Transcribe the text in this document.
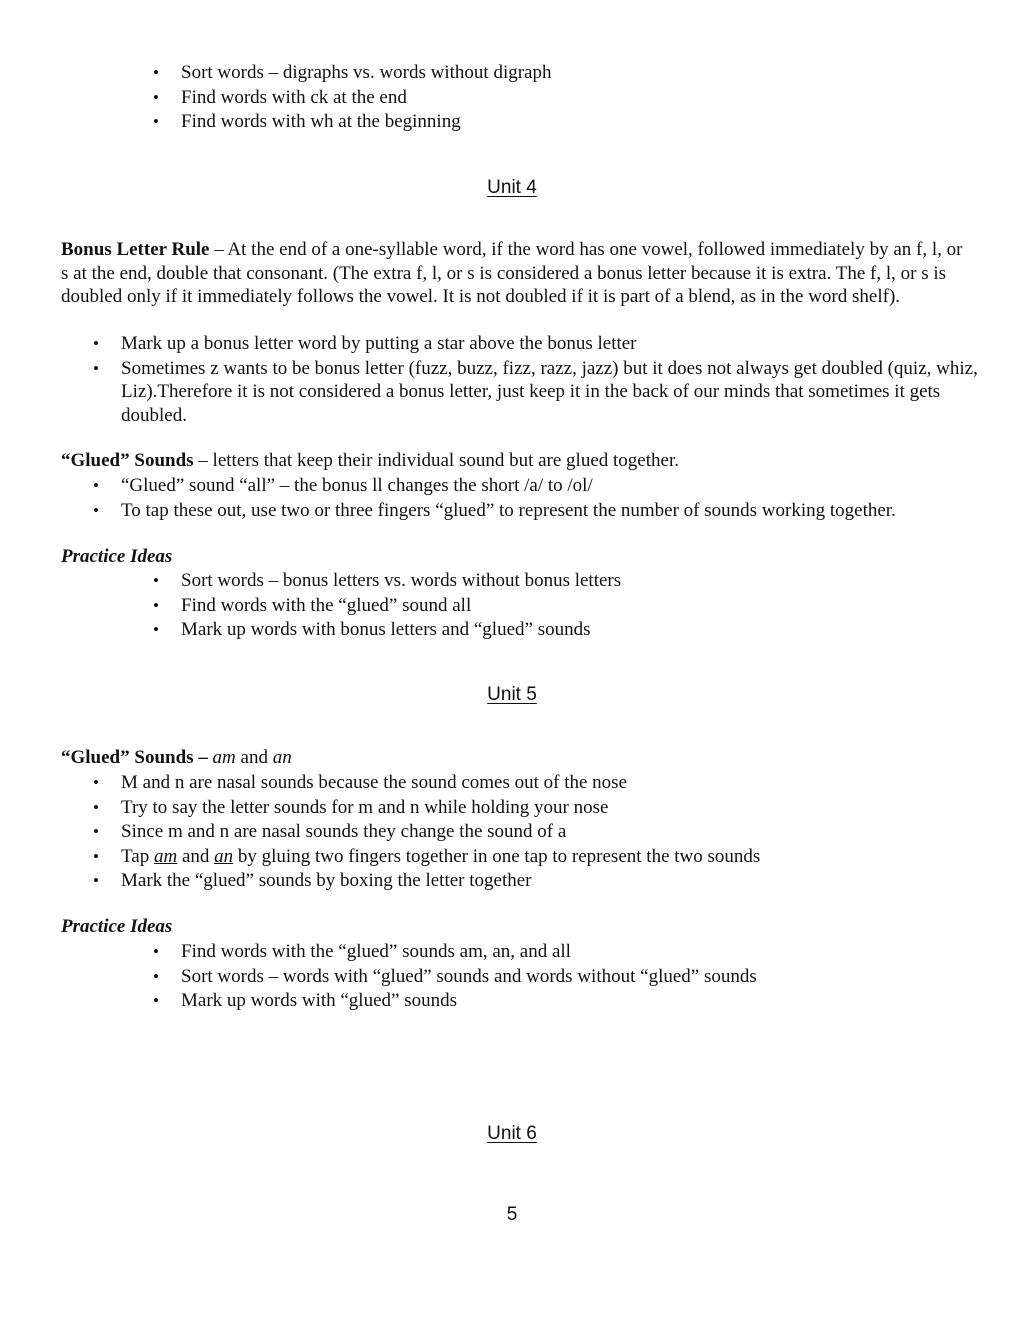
• Sort words – digraphs vs. words without digraph
• Find words with ck at the end
• Find words with wh at the beginning
Unit 4
Bonus Letter Rule – At the end of a one-syllable word, if the word has one vowel, followed immediately by an f, l, or s at the end, double that consonant. (The extra f, l, or s is considered a bonus letter because it is extra. The f, l, or s is doubled only if it immediately follows the vowel. It is not doubled if it is part of a blend, as in the word shelf).
• Mark up a bonus letter word by putting a star above the bonus letter
• Sometimes z wants to be bonus letter (fuzz, buzz, fizz, razz, jazz) but it does not always get doubled (quiz, whiz, Liz).Therefore it is not considered a bonus letter, just keep it in the back of our minds that sometimes it gets doubled.
“Glued” Sounds – letters that keep their individual sound but are glued together.
• “Glued” sound “all” – the bonus ll changes the short /a/ to /ol/
• To tap these out, use two or three fingers “glued” to represent the number of sounds working together.
Practice Ideas
• Sort words – bonus letters vs. words without bonus letters
• Find words with the “glued” sound all
• Mark up words with bonus letters and “glued” sounds
Unit 5
“Glued” Sounds – am and an
• M and n are nasal sounds because the sound comes out of the nose
• Try to say the letter sounds for m and n while holding your nose
• Since m and n are nasal sounds they change the sound of a
• Tap am and an by gluing two fingers together in one tap to represent the two sounds
• Mark the “glued” sounds by boxing the letter together
Practice Ideas
• Find words with the “glued” sounds am, an, and all
• Sort words – words with “glued” sounds and words without “glued” sounds
• Mark up words with “glued” sounds
Unit 6
5
